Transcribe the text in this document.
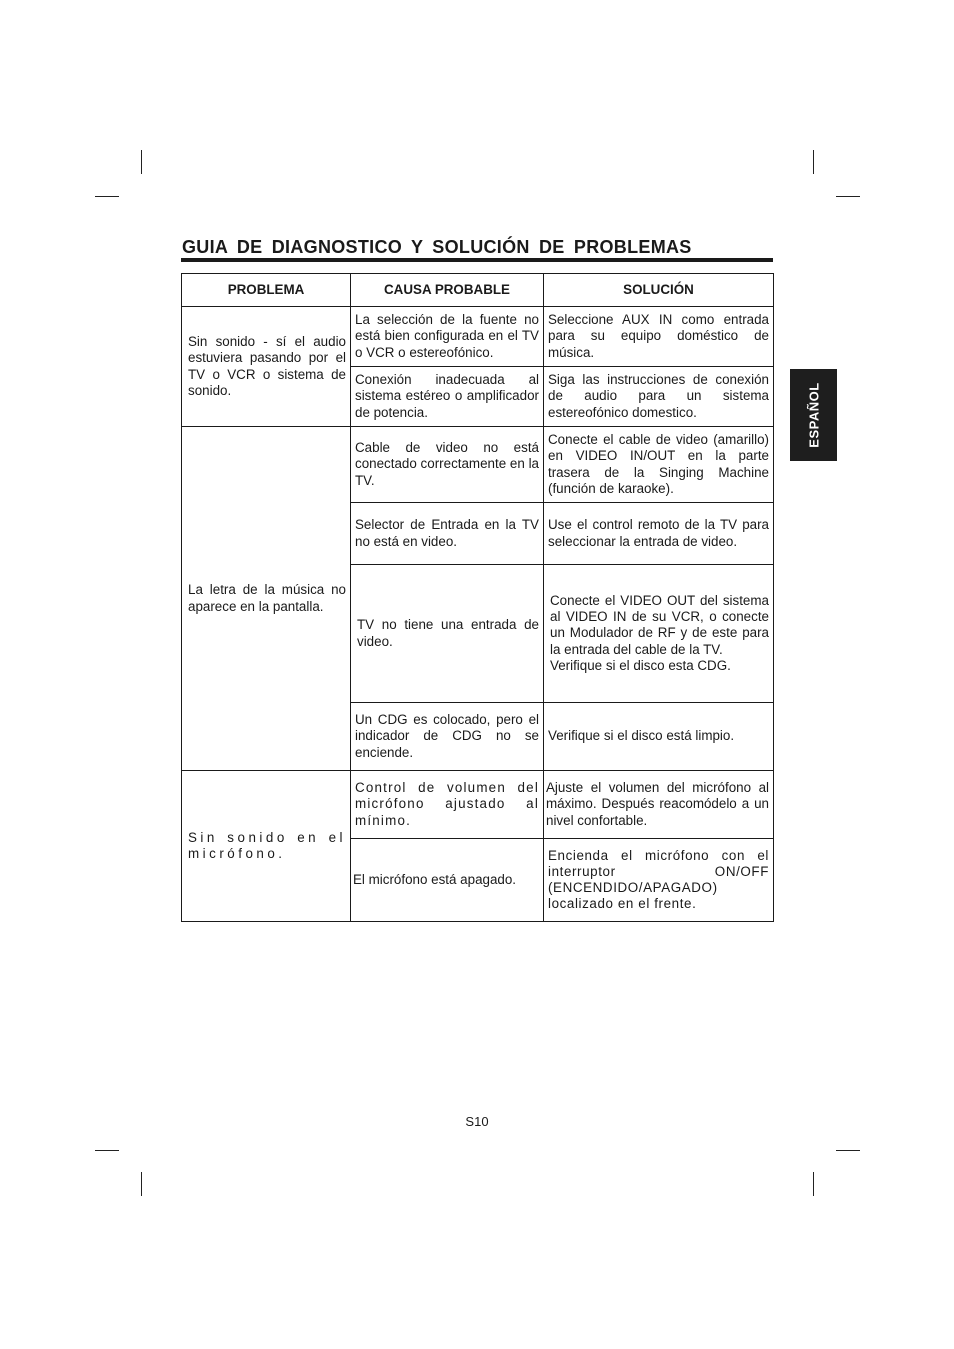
GUIA DE DIAGNOSTICO Y SOLUCIÓN DE PROBLEMAS
ESPAÑOL
PROBLEMA	CAUSA PROBABLE	SOLUCIÓN

Sin sonido - sí el audio estuviera pasando por el TV o VCR o sistema de sonido.	La selección de la fuente no está bien configurada en el TV o VCR o estereofónico.	Seleccione AUX IN como entrada para su equipo doméstico de música.

	Conexión inadecuada al sistema estéreo o amplificador de potencia.	Siga las instrucciones de conexión de audio para un sistema estereofónico domestico.

La letra de la música no aparece en la pantalla.	Cable de video no está conectado correctamente en la TV.	Conecte el cable de video (amarillo) en VIDEO IN/OUT en la parte trasera de la Singing Machine (función de karaoke).

	Selector de Entrada en la TV no está en video.	Use el control remoto de la TV para seleccionar la entrada de video.

	TV no tiene una entrada de video.	Conecte el VIDEO OUT del sistema al VIDEO IN de su VCR, o conecte un Modulador de RF y de este para la entrada del cable de la TV.
Verifique si el disco esta CDG.

	Un CDG es colocado, pero el indicador de CDG no se enciende.	Verifique si el disco está limpio.

Sin sonido en el micrófono.	Control de volumen del micrófono ajustado al mínimo.	Ajuste el volumen del micrófono al máximo. Después reacomódelo a un nivel confortable.

	El micrófono está apagado.	Encienda el micrófono con el interruptor ON/OFF (ENCENDIDO/APAGADO) localizado en el frente.
S10
